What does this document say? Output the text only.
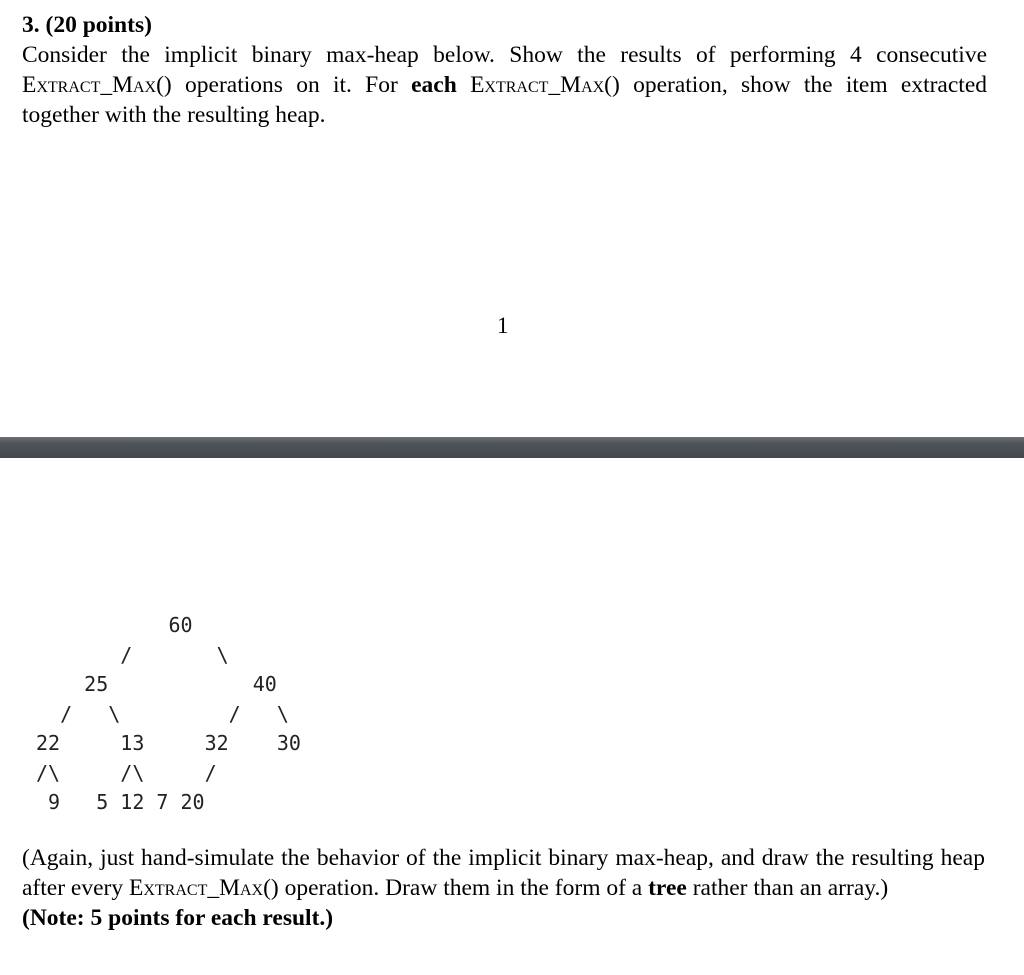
3. (20 points)
Consider the implicit binary max-heap below. Show the results of performing 4 consecutive Extract_Max() operations on it. For each Extract_Max() operation, show the item extracted together with the resulting heap.
1
60
/       \
25            40
/   \         /   \
22     13     32    30
/\     /\     /
9   5 12 7 20
(Again, just hand-simulate the behavior of the implicit binary max-heap, and draw the resulting heap after every Extract_Max() operation. Draw them in the form of a tree rather than an array.)
(Note: 5 points for each result.)
